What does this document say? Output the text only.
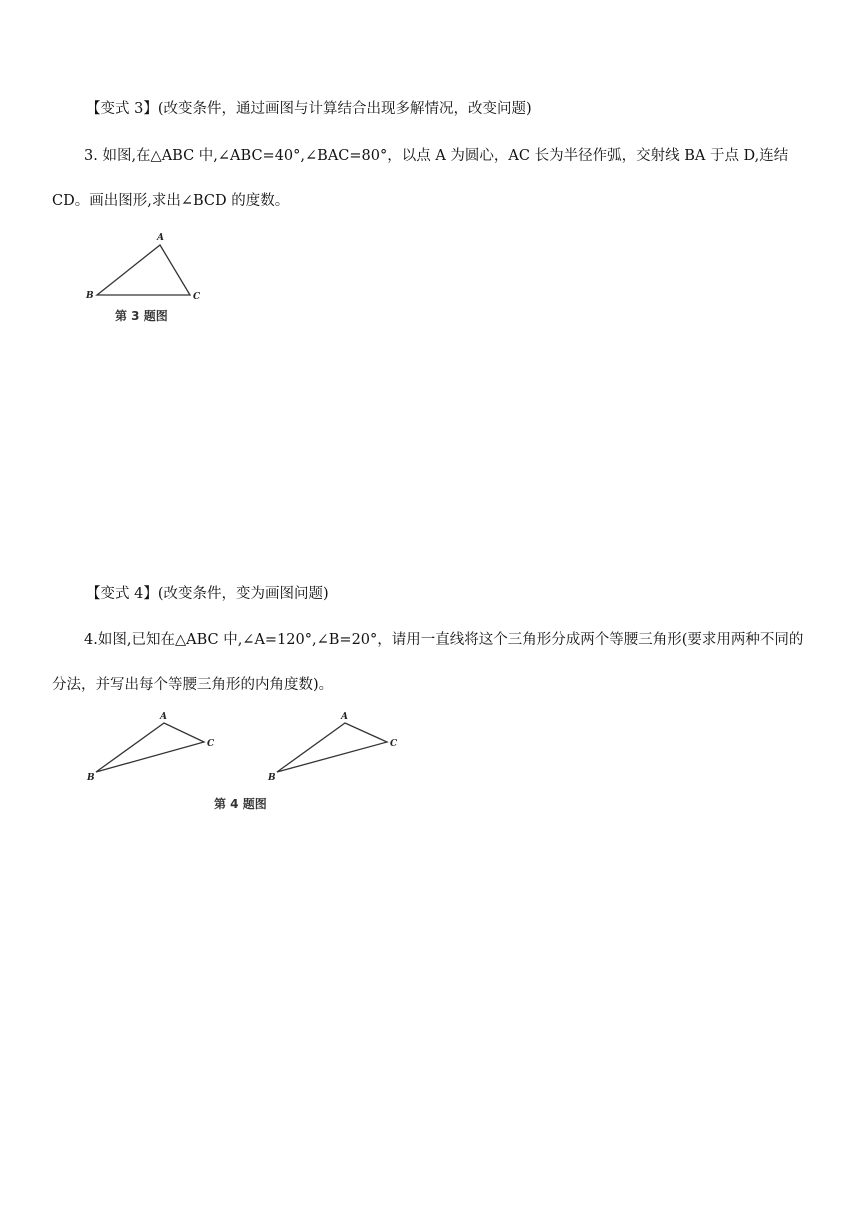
【变式 3】(改变条件，通过画图与计算结合出现多解情况，改变问题)
3. 如图,在△ABC 中,∠ABC=40°,∠BAC=80°，以点 A 为圆心，AC 长为半径作弧，交射线 BA 于点 D,连结
CD。画出图形,求出∠BCD 的度数。
A
B	C
第 3 题图
【变式 4】(改变条件，变为画图问题)
4.如图,已知在△ABC 中,∠A=120°,∠B=20°，请用一直线将这个三角形分成两个等腰三角形(要求用两种不同的
分法，并写出每个等腰三角形的内角度数)。
A
B
C
A
B
C
第 4 题图
